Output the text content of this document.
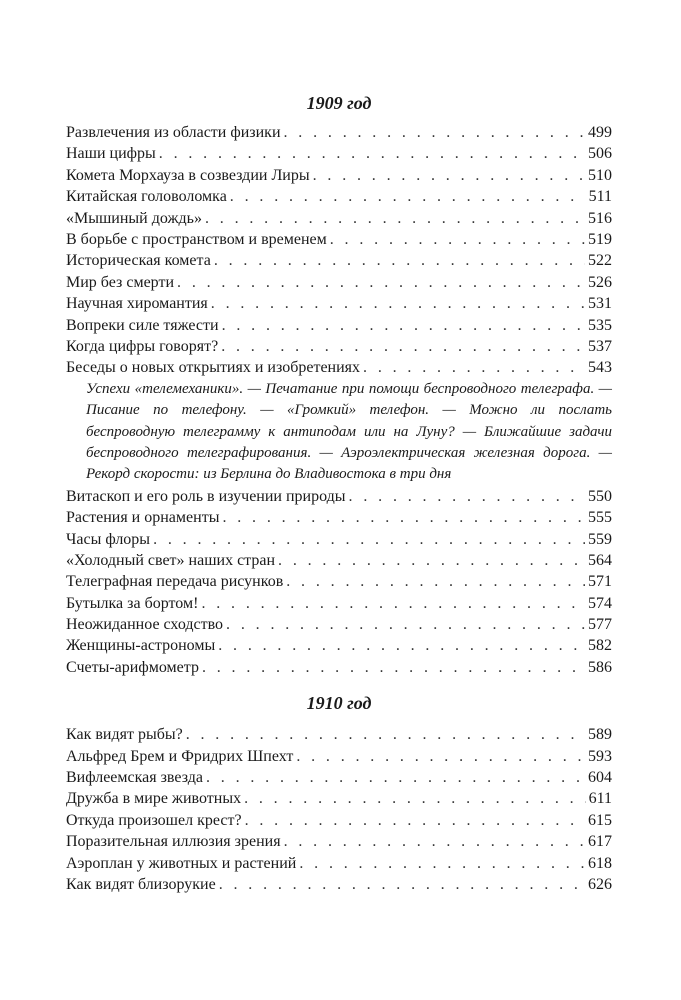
1909 год
Развлечения из области физики . . .	499
Наши цифры . . .	506
Комета Морхауза в созвездии Лиры . . .	510
Китайская головоломка . . .	511
«Мышиный дождь» . . .	516
В борьбе с пространством и временем . . .	519
Историческая комета . . .	522
Мир без смерти . . .	526
Научная хиромантия . . .	531
Вопреки силе тяжести . . .	535
Когда цифры говорят? . . .	537
Беседы о новых открытиях и изобретениях . . .	543

Успехи «телемеханики». — Печатание при помощи беспроводного телеграфа. — Писание по телефону. — «Громкий» телефон. — Можно ли послать беспроводную телеграмму к антиподам или на Луну? — Ближайшие задачи беспроводного телеграфирования. — Аэроэлектрическая железная дорога. — Рекорд скорости: из Берлина до Владивостока в три дня

Витаскоп и его роль в изучении природы . . .	550
Растения и орнаменты . . .	555
Часы флоры . . .	559
«Холодный свет» наших стран . . .	564
Телеграфная передача рисунков . . .	571
Бутылка за бортом! . . .	574
Неожиданное сходство . . .	577
Женщины-астрономы . . .	582
Счеты-арифмометр . . .	586
1910 год
Как видят рыбы? . . .	589
Альфред Брем и Фридрих Шпехт . . .	593
Вифлеемская звезда . . .	604
Дружба в мире животных . . .	611
Откуда произошел крест? . . .	615
Поразительная иллюзия зрения . . .	617
Аэроплан у животных и растений . . .	618
Как видят близорукие . . .	626
